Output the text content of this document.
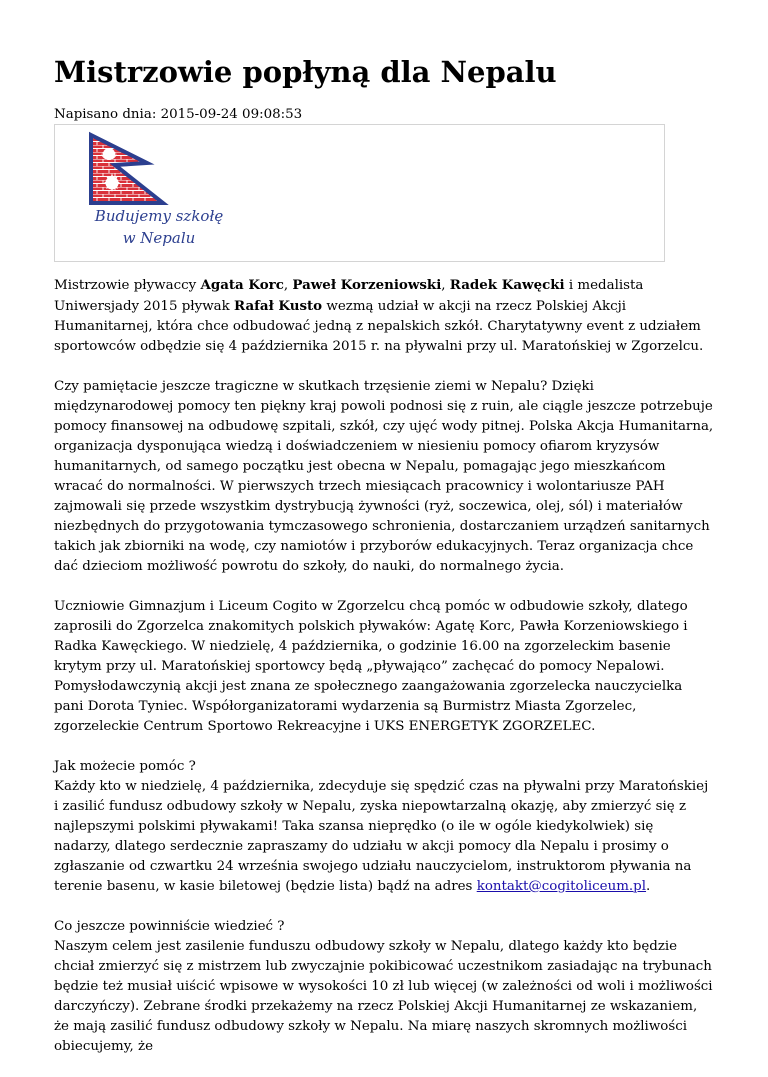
Mistrzowie popłyną dla Nepalu
Napisano dnia: 2015-09-24 09:08:53
Budujemy szkołę
w Nepalu

Mistrzowie pływaccy Agata Korc, Paweł Korzeniowski, Radek Kawęcki i medalista Uniwersjady 2015 pływak Rafał Kusto wezmą udział w akcji na rzecz Polskiej Akcji Humanitarnej, która chce odbudować jedną z nepalskich szkół. Charytatywny event z udziałem sportowców odbędzie się 4 października 2015 r. na pływalni przy ul. Maratońskiej w Zgorzelcu.

Czy pamiętacie jeszcze tragiczne w skutkach trzęsienie ziemi w Nepalu? Dzięki międzynarodowej pomocy ten piękny kraj powoli podnosi się z ruin, ale ciągle jeszcze potrzebuje pomocy finansowej na odbudowę szpitali, szkół, czy ujęć wody pitnej. Polska Akcja Humanitarna, organizacja dysponująca wiedzą i doświadczeniem w niesieniu pomocy ofiarom kryzysów humanitarnych, od samego początku jest obecna w Nepalu, pomagając jego mieszkańcom wracać do normalności. W pierwszych trzech miesiącach pracownicy i wolontariusze PAH zajmowali się przede wszystkim dystrybucją żywności (ryż, soczewica, olej, sól) i materiałów niezbędnych do przygotowania tymczasowego schronienia, dostarczaniem urządzeń sanitarnych takich jak zbiorniki na wodę, czy namiotów i przyborów edukacyjnych. Teraz organizacja chce dać dzieciom możliwość powrotu do szkoły, do nauki, do normalnego życia.

Uczniowie Gimnazjum i Liceum Cogito w Zgorzelcu chcą pomóc w odbudowie szkoły, dlatego zaprosili do Zgorzelca znakomitych polskich pływaków: Agatę Korc, Pawła Korzeniowskiego i Radka Kawęckiego. W niedzielę, 4 października, o godzinie 16.00 na zgorzeleckim basenie krytym przy ul. Maratońskiej sportowcy będą „pływająco” zachęcać do pomocy Nepalowi. Pomysłodawczynią akcji jest znana ze społecznego zaangażowania zgorzelecka nauczycielka pani Dorota Tyniec. Współorganizatorami wydarzenia są Burmistrz Miasta Zgorzelec, zgorzeleckie Centrum Sportowo Rekreacyjne i UKS ENERGETYK ZGORZELEC.

Jak możecie pomóc ?
Każdy kto w niedzielę, 4 października, zdecyduje się spędzić czas na pływalni przy Maratońskiej i zasilić fundusz odbudowy szkoły w Nepalu, zyska niepowtarzalną okazję, aby zmierzyć się z najlepszymi polskimi pływakami! Taka szansa nieprędko (o ile w ogóle kiedykolwiek) się nadarzy, dlatego serdecznie zapraszamy do udziału w akcji pomocy dla Nepalu i prosimy o zgłaszanie od czwartku 24 września swojego udziału nauczycielom, instruktorom pływania na terenie basenu, w kasie biletowej (będzie lista) bądź na adres kontakt@cogitoliceum.pl.

Co jeszcze powinniście wiedzieć ?
Naszym celem jest zasilenie funduszu odbudowy szkoły w Nepalu, dlatego każdy kto będzie chciał zmierzyć się z mistrzem lub zwyczajnie pokibicować uczestnikom zasiadając na trybunach będzie też musiał uiścić wpisowe w wysokości 10 zł lub więcej (w zależności od woli i możliwości darczyńczy). Zebrane środki przekażemy na rzecz Polskiej Akcji Humanitarnej ze wskazaniem, że mają zasilić fundusz odbudowy szkoły w Nepalu. Na miarę naszych skromnych możliwości obiecujemy, że
